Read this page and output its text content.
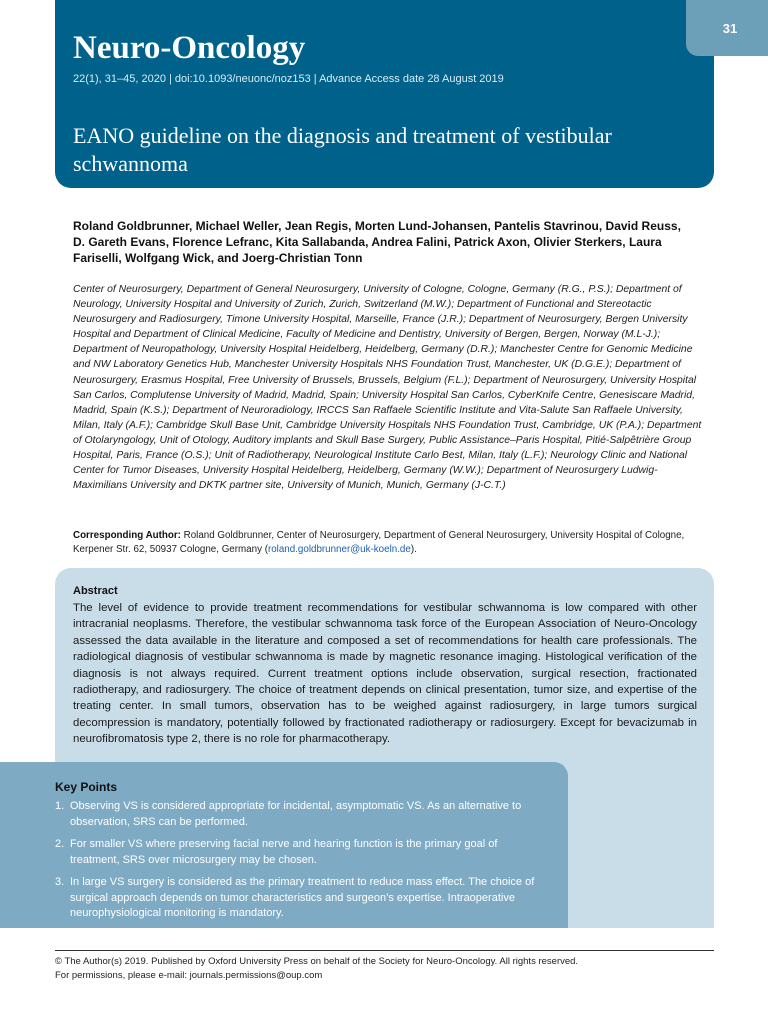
31
Neuro-Oncology
22(1), 31–45, 2020 | doi:10.1093/neuonc/noz153 | Advance Access date 28 August 2019
EANO guideline on the diagnosis and treatment of vestibular schwannoma
Roland Goldbrunner, Michael Weller, Jean Regis, Morten Lund-Johansen, Pantelis Stavrinou, David Reuss, D. Gareth Evans, Florence Lefranc, Kita Sallabanda, Andrea Falini, Patrick Axon, Olivier Sterkers, Laura Fariselli, Wolfgang Wick, and Joerg-Christian Tonn
Center of Neurosurgery, Department of General Neurosurgery, University of Cologne, Cologne, Germany (R.G., P.S.); Department of Neurology, University Hospital and University of Zurich, Zurich, Switzerland (M.W.); Department of Functional and Stereotactic Neurosurgery and Radiosurgery, Timone University Hospital, Marseille, France (J.R.); Department of Neurosurgery, Bergen University Hospital and Department of Clinical Medicine, Faculty of Medicine and Dentistry, University of Bergen, Bergen, Norway (M.L-J.); Department of Neuropathology, University Hospital Heidelberg, Heidelberg, Germany (D.R.); Manchester Centre for Genomic Medicine and NW Laboratory Genetics Hub, Manchester University Hospitals NHS Foundation Trust, Manchester, UK (D.G.E.); Department of Neurosurgery, Erasmus Hospital, Free University of Brussels, Brussels, Belgium (F.L.); Department of Neurosurgery, University Hospital San Carlos, Complutense University of Madrid, Madrid, Spain; University Hospital San Carlos, CyberKnife Centre, Genesiscare Madrid, Madrid, Spain (K.S.); Department of Neuroradiology, IRCCS San Raffaele Scientific Institute and Vita-Salute San Raffaele University, Milan, Italy (A.F.); Cambridge Skull Base Unit, Cambridge University Hospitals NHS Foundation Trust, Cambridge, UK (P.A.); Department of Otolaryngology, Unit of Otology, Auditory implants and Skull Base Surgery, Public Assistance–Paris Hospital, Pitié-Salpêtrière Group Hospital, Paris, France (O.S.); Unit of Radiotherapy, Neurological Institute Carlo Best, Milan, Italy (L.F.); Neurology Clinic and National Center for Tumor Diseases, University Hospital Heidelberg, Heidelberg, Germany (W.W.); Department of Neurosurgery Ludwig-Maximilians University and DKTK partner site, University of Munich, Munich, Germany (J-C.T.)
Corresponding Author: Roland Goldbrunner, Center of Neurosurgery, Department of General Neurosurgery, University Hospital of Cologne, Kerpener Str. 62, 50937 Cologne, Germany (roland.goldbrunner@uk-koeln.de).
Abstract

The level of evidence to provide treatment recommendations for vestibular schwannoma is low compared with other intracranial neoplasms. Therefore, the vestibular schwannoma task force of the European Association of Neuro-Oncology assessed the data available in the literature and composed a set of recommendations for health care professionals. The radiological diagnosis of vestibular schwannoma is made by magnetic resonance imaging. Histological verification of the diagnosis is not always required. Current treatment options include observation, surgical resection, fractionated radiotherapy, and radiosurgery. The choice of treatment depends on clinical presentation, tumor size, and expertise of the treating center. In small tumors, observation has to be weighed against radiosurgery, in large tumors surgical decompression is mandatory, potentially followed by fractionated radiotherapy or radiosurgery. Except for bevacizumab in neurofibromatosis type 2, there is no role for pharmacotherapy.

Key Points
1. Observing VS is considered appropriate for incidental, asymptomatic VS. As an alternative to observation, SRS can be performed.
2. For smaller VS where preserving facial nerve and hearing function is the primary goal of treatment, SRS over microsurgery may be chosen.
3. In large VS surgery is considered as the primary treatment to reduce mass effect. The choice of surgical approach depends on tumor characteristics and surgeon’s expertise. Intraoperative neurophysiological monitoring is mandatory.
© The Author(s) 2019. Published by Oxford University Press on behalf of the Society for Neuro-Oncology. All rights reserved.
For permissions, please e-mail: journals.permissions@oup.com
